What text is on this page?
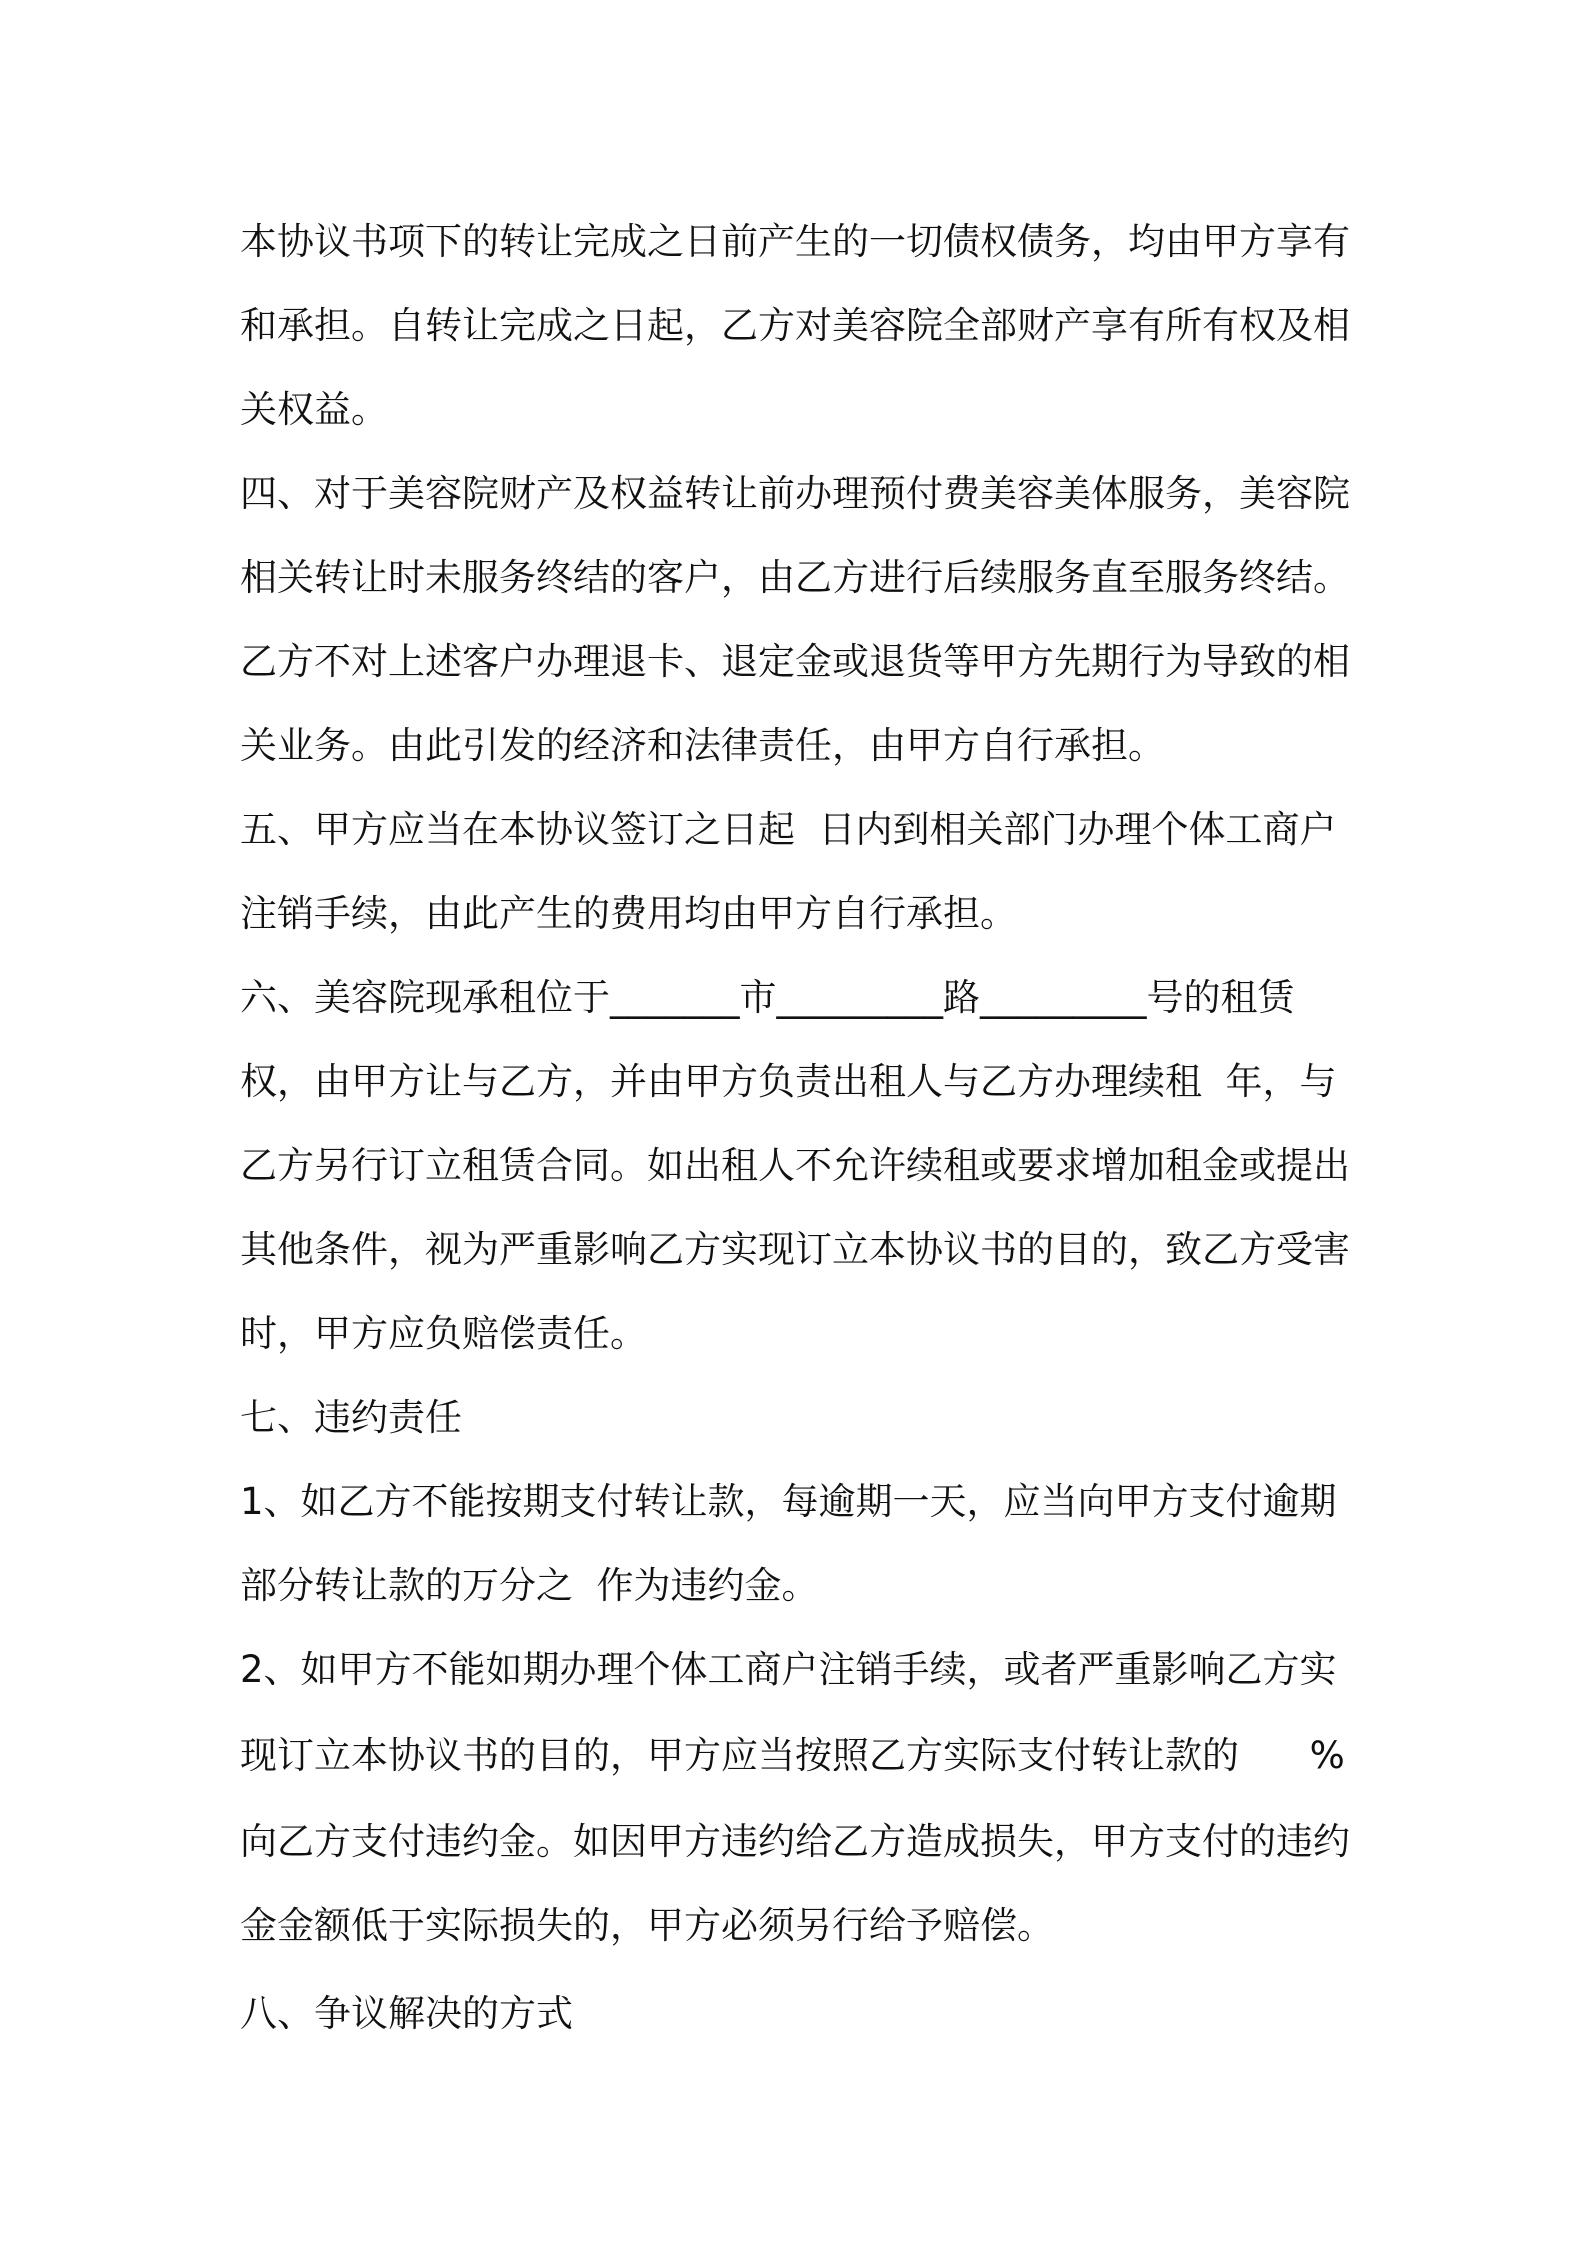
本协议书项下的转让完成之日前产生的一切债权债务，均由甲方享有
和承担。自转让完成之日起，乙方对美容院全部财产享有所有权及相
关权益。
四、对于美容院财产及权益转让前办理预付费美容美体服务，美容院
相关转让时未服务终结的客户，由乙方进行后续服务直至服务终结。
乙方不对上述客户办理退卡、退定金或退货等甲方先期行为导致的相
关业务。由此引发的经济和法律责任，由甲方自行承担。
五、甲方应当在本协议签订之日起  日内到相关部门办理个体工商户
注销手续，由此产生的费用均由甲方自行承担。
六、美容院现承租位于_______市_________路_________号的租赁
权，由甲方让与乙方，并由甲方负责出租人与乙方办理续租  年，与
乙方另行订立租赁合同。如出租人不允许续租或要求增加租金或提出
其他条件，视为严重影响乙方实现订立本协议书的目的，致乙方受害
时，甲方应负赔偿责任。
七、违约责任
1、如乙方不能按期支付转让款，每逾期一天，应当向甲方支付逾期
部分转让款的万分之  作为违约金。
2、如甲方不能如期办理个体工商户注销手续，或者严重影响乙方实
现订立本协议书的目的，甲方应当按照乙方实际支付转让款的      %
向乙方支付违约金。如因甲方违约给乙方造成损失，甲方支付的违约
金金额低于实际损失的，甲方必须另行给予赔偿。
八、争议解决的方式
